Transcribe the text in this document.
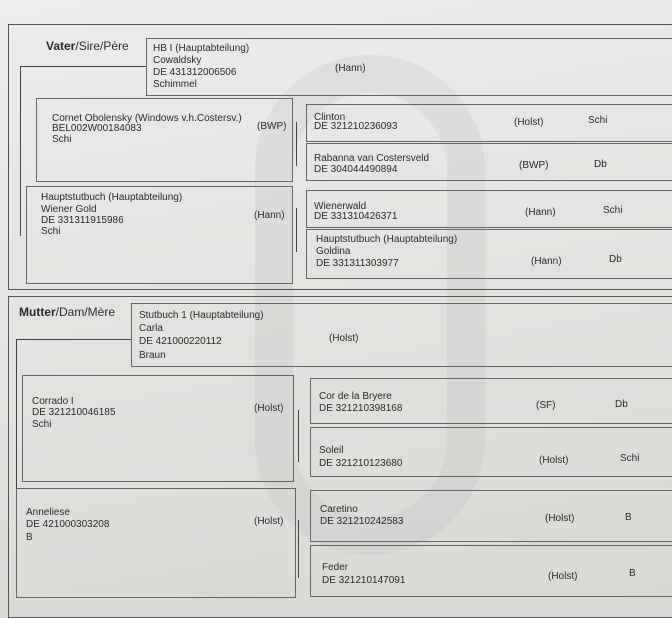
Vater/Sire/Père HB I (Hauptabteilung)
Cowaldsky
DE 431312006506
Schimmel
(Hann)
Cornet Obolensky (Windows v.h.Costersv.)
BEL002W00184083
Schi
(BWP)
Hauptstutbuch (Hauptabteilung)
Wiener Gold
DE 331311915986
Schi
(Hann)
Clinton
DE 321210236093	(Holst)	Schi
Rabanna van Costersveld
DE 304044490894	(BWP)	Db
Wienerwald
DE 331310426371	(Hann)	Schi
Hauptstutbuch (Hauptabteilung)
Goldina
DE 331311303977	(Hann)	Db
Mutter/Dam/Mère Stutbuch 1 (Hauptabteilung)
Carla
DE 421000220112
Braun
(Holst)
Corrado I
DE 321210046185
Schi
(Holst)
Anneliese
DE 421000303208
B
(Holst)
Cor de la Bryere
DE 321210398168	(SF)	Db
Soleil
DE 321210123680	(Holst)	Schi
Caretino
DE 321210242583	(Holst)	B
Feder
DE 321210147091	(Holst)	B
